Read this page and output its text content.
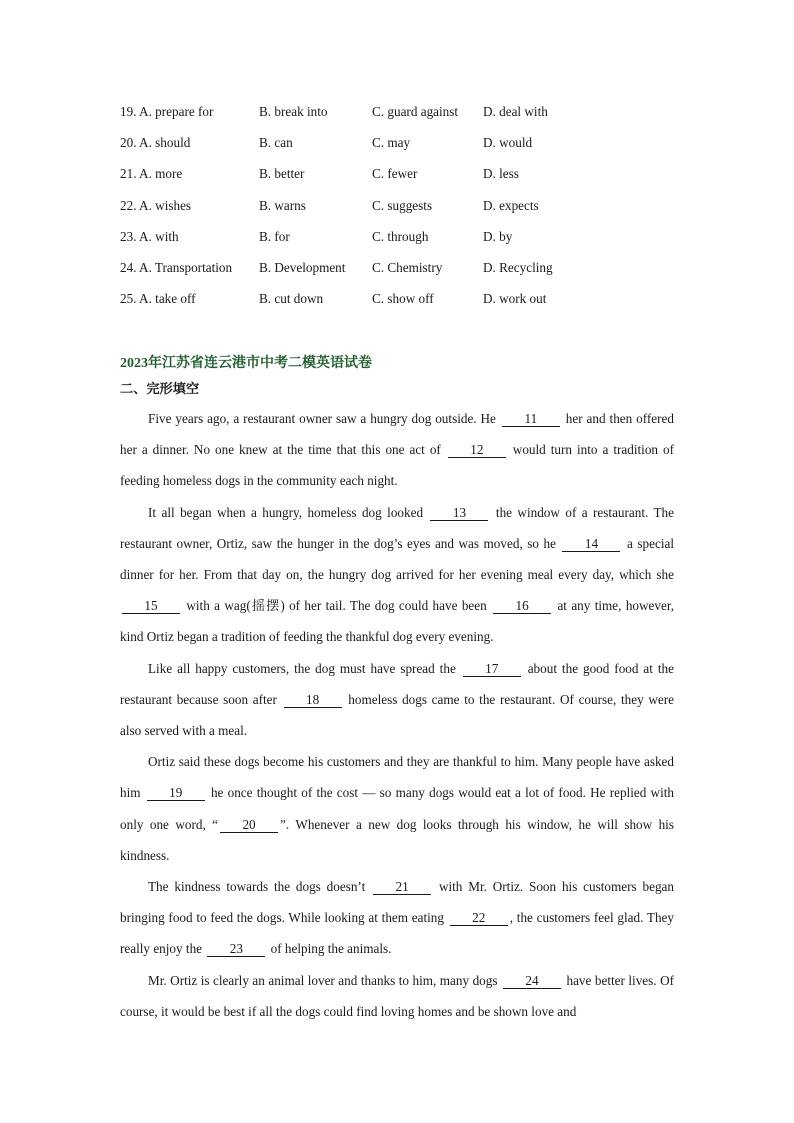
19. A. prepare for	B. break into	C. guard against	D. deal with
20. A. should	B. can	C. may	D. would
21. A. more	B. better	C. fewer	D. less
22. A. wishes	B. warns	C. suggests	D. expects
23. A. with	B. for	C. through	D. by
24. A. Transportation	B. Development	C. Chemistry	D. Recycling
25. A. take off	B. cut down	C. show off	D. work out
2023年江苏省连云港市中考二模英语试卷
二、完形填空

Five years ago, a restaurant owner saw a hungry dog outside. He 11 her and then offered her a dinner. No one knew at the time that this one act of 12 would turn into a tradition of feeding homeless dogs in the community each night.

It all began when a hungry, homeless dog looked 13 the window of a restaurant. The restaurant owner, Ortiz, saw the hunger in the dog’s eyes and was moved, so he 14 a special dinner for her. From that day on, the hungry dog arrived for her evening meal every day, which she 15 with a wag(摇摆) of her tail. The dog could have been 16 at any time, however, kind Ortiz began a tradition of feeding the thankful dog every evening.

Like all happy customers, the dog must have spread the 17 about the good food at the restaurant because soon after 18 homeless dogs came to the restaurant. Of course, they were also served with a meal.

Ortiz said these dogs become his customers and they are thankful to him. Many people have asked him 19 he once thought of the cost — so many dogs would eat a lot of food. He replied with only one word, “ 20 ”. Whenever a new dog looks through his window, he will show his kindness.

The kindness towards the dogs doesn’t 21 with Mr. Ortiz. Soon his customers began bringing food to feed the dogs. While looking at them eating 22 , the customers feel glad. They really enjoy the 23 of helping the animals.

Mr. Ortiz is clearly an animal lover and thanks to him, many dogs 24 have better lives. Of course, it would be best if all the dogs could find loving homes and be shown love and
